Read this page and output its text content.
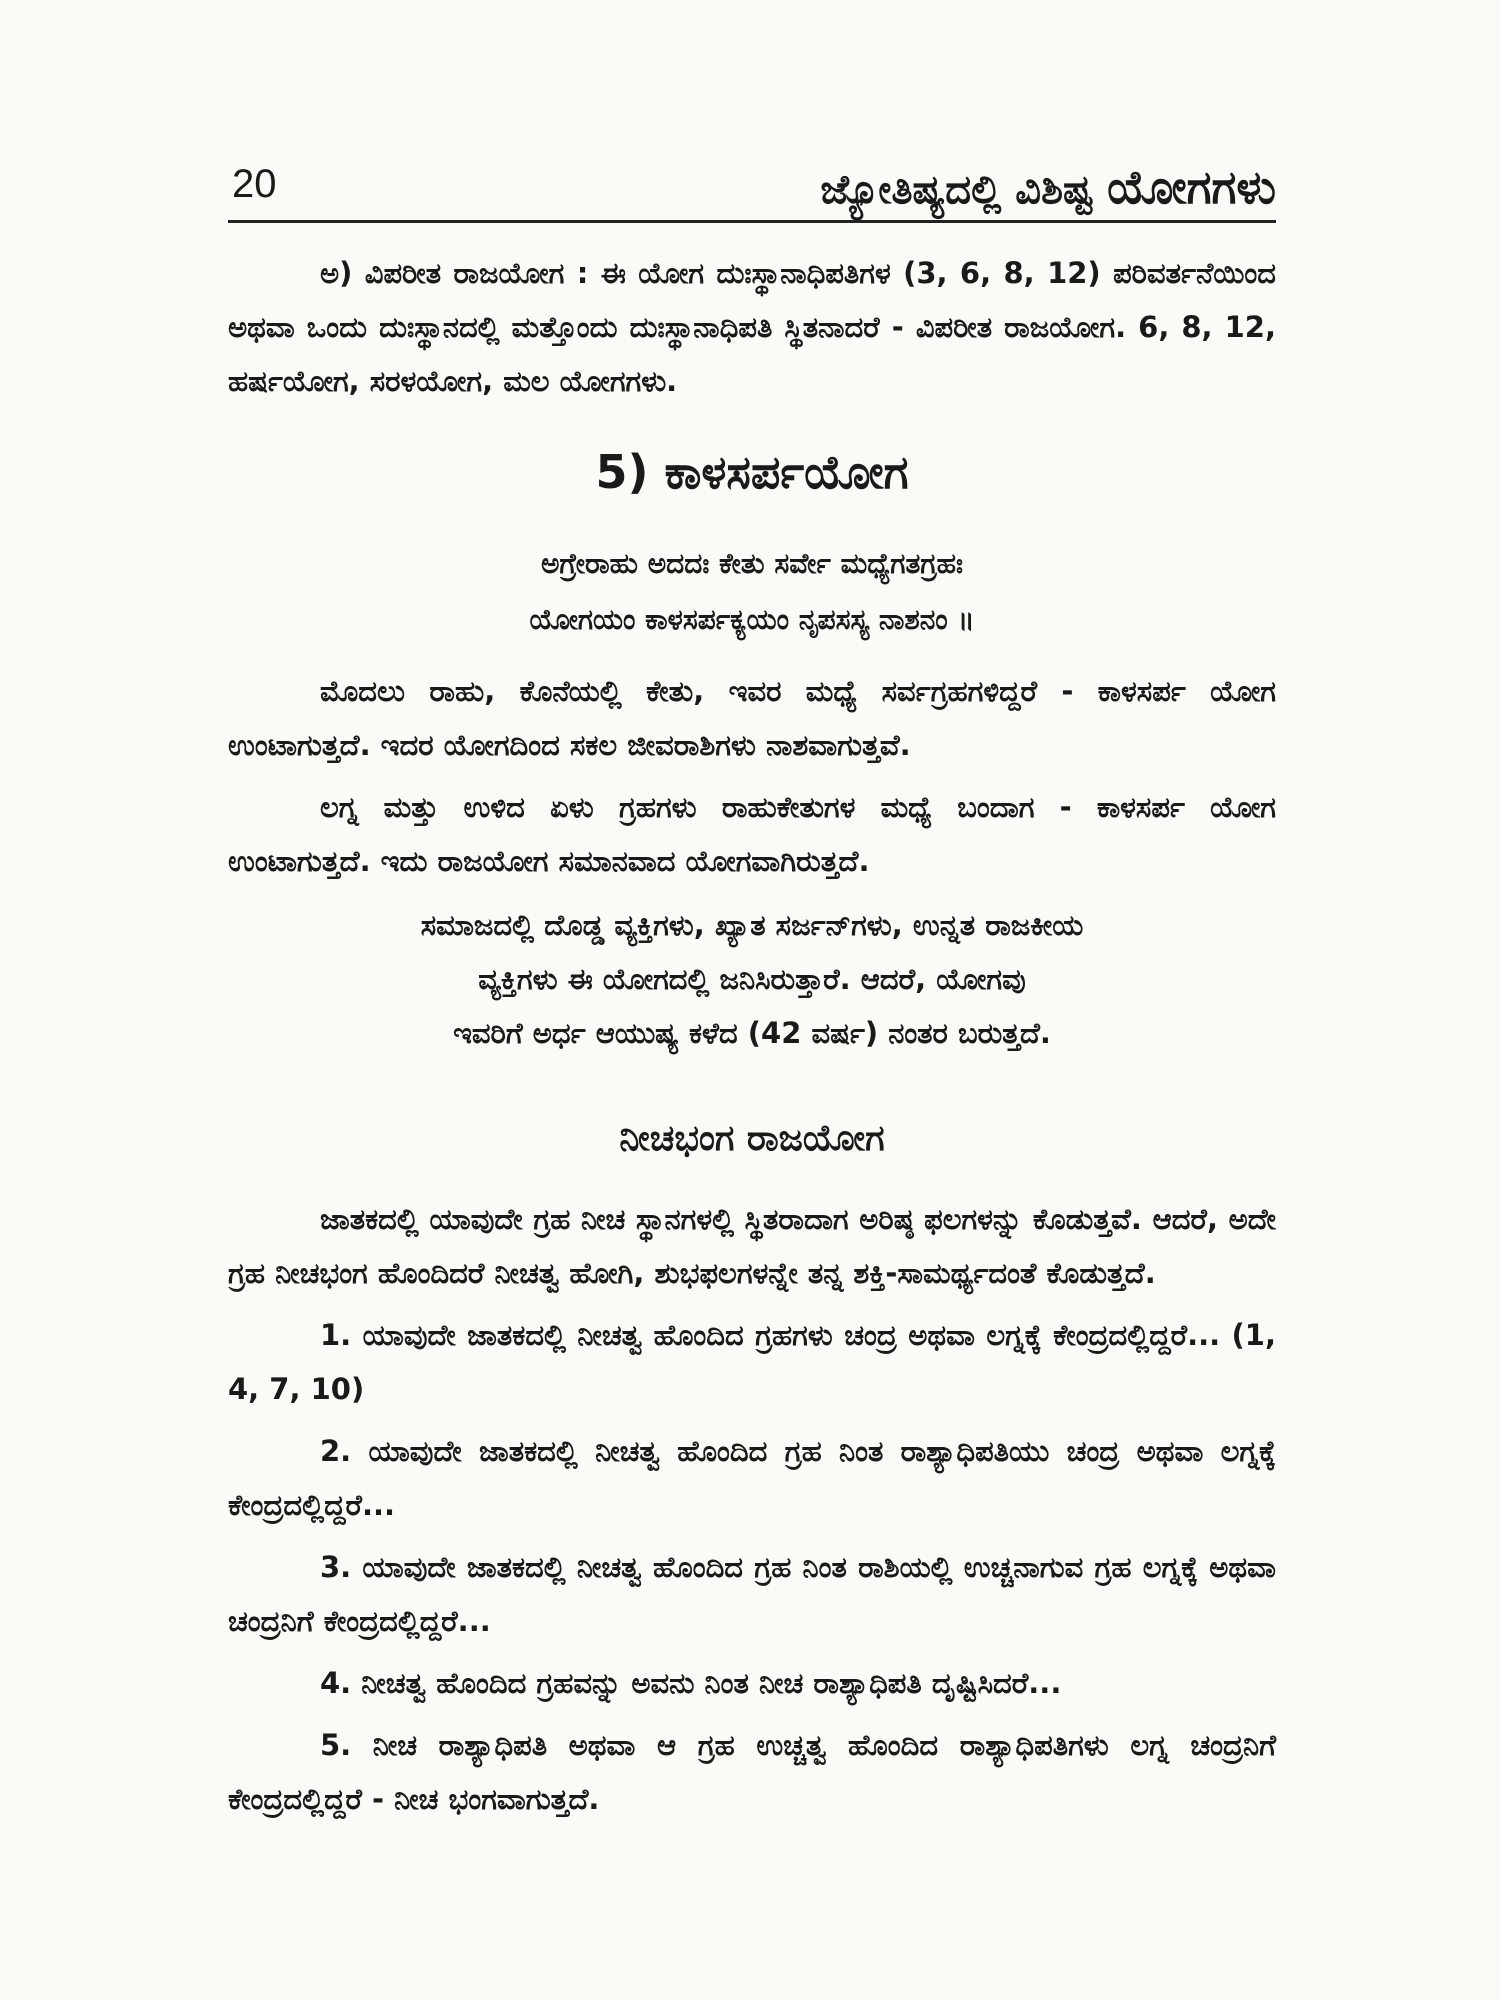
20	ಜ್ಯೋತಿಷ್ಯದಲ್ಲಿ ವಿಶಿಷ್ಟ ಯೋಗಗಳು

ಅ) ವಿಪರೀತ ರಾಜಯೋಗ : ಈ ಯೋಗ ದುಃಸ್ಥಾನಾಧಿಪತಿಗಳ (3, 6, 8, 12) ಪರಿವರ್ತನೆಯಿಂದ ಅಥವಾ ಒಂದು ದುಃಸ್ಥಾನದಲ್ಲಿ ಮತ್ತೊಂದು ದುಃಸ್ಥಾನಾಧಿಪತಿ ಸ್ಥಿತನಾದರೆ - ವಿಪರೀತ ರಾಜಯೋಗ. 6, 8, 12, ಹರ್ಷಯೋಗ, ಸರಳಯೋಗ, ಮಲ ಯೋಗಗಳು.

5) ಕಾಳಸರ್ಪಯೋಗ

ಅಗ್ರೇರಾಹು ಅದದಃ ಕೇತು ಸರ್ವೇ ಮಧ್ಯೆಗತಗ್ರಹಃ

ಯೋಗಯಂ ಕಾಳಸರ್ಪಕ್ಯಯಂ ನೃಪಸಸ್ಯ ನಾಶನಂ ॥

ಮೊದಲು ರಾಹು, ಕೊನೆಯಲ್ಲಿ ಕೇತು, ಇವರ ಮಧ್ಯೆ ಸರ್ವಗ್ರಹಗಳಿದ್ದರೆ - ಕಾಳಸರ್ಪ ಯೋಗ ಉಂಟಾಗುತ್ತದೆ. ಇದರ ಯೋಗದಿಂದ ಸಕಲ ಜೀವರಾಶಿಗಳು ನಾಶವಾಗುತ್ತವೆ.

ಲಗ್ನ ಮತ್ತು ಉಳಿದ ಏಳು ಗ್ರಹಗಳು ರಾಹುಕೇತುಗಳ ಮಧ್ಯೆ ಬಂದಾಗ - ಕಾಳಸರ್ಪ ಯೋಗ ಉಂಟಾಗುತ್ತದೆ. ಇದು ರಾಜಯೋಗ ಸಮಾನವಾದ ಯೋಗವಾಗಿರುತ್ತದೆ.

ಸಮಾಜದಲ್ಲಿ ದೊಡ್ಡ ವ್ಯಕ್ತಿಗಳು, ಖ್ಯಾತ ಸರ್ಜನ್‌ಗಳು, ಉನ್ನತ ರಾಜಕೀಯ

ವ್ಯಕ್ತಿಗಳು ಈ ಯೋಗದಲ್ಲಿ ಜನಿಸಿರುತ್ತಾರೆ. ಆದರೆ, ಯೋಗವು

ಇವರಿಗೆ ಅರ್ಧ ಆಯುಷ್ಯ ಕಳೆದ (42 ವರ್ಷ) ನಂತರ ಬರುತ್ತದೆ.

ನೀಚಭಂಗ ರಾಜಯೋಗ

ಜಾತಕದಲ್ಲಿ ಯಾವುದೇ ಗ್ರಹ ನೀಚ ಸ್ಥಾನಗಳಲ್ಲಿ ಸ್ಥಿತರಾದಾಗ ಅರಿಷ್ಠ ಫಲಗಳನ್ನು ಕೊಡುತ್ತವೆ. ಆದರೆ, ಅದೇ ಗ್ರಹ ನೀಚಭಂಗ ಹೊಂದಿದರೆ ನೀಚತ್ವ ಹೋಗಿ, ಶುಭಫಲಗಳನ್ನೇ ತನ್ನ ಶಕ್ತಿ-ಸಾಮರ್ಥ್ಯದಂತೆ ಕೊಡುತ್ತದೆ.

1. ಯಾವುದೇ ಜಾತಕದಲ್ಲಿ ನೀಚತ್ವ ಹೊಂದಿದ ಗ್ರಹಗಳು ಚಂದ್ರ ಅಥವಾ ಲಗ್ನಕ್ಕೆ ಕೇಂದ್ರದಲ್ಲಿದ್ದರೆ... (1, 4, 7, 10)

2. ಯಾವುದೇ ಜಾತಕದಲ್ಲಿ ನೀಚತ್ವ ಹೊಂದಿದ ಗ್ರಹ ನಿಂತ ರಾಶ್ಯಾಧಿಪತಿಯು ಚಂದ್ರ ಅಥವಾ ಲಗ್ನಕ್ಕೆ ಕೇಂದ್ರದಲ್ಲಿದ್ದರೆ...

3. ಯಾವುದೇ ಜಾತಕದಲ್ಲಿ ನೀಚತ್ವ ಹೊಂದಿದ ಗ್ರಹ ನಿಂತ ರಾಶಿಯಲ್ಲಿ ಉಚ್ಚನಾಗುವ ಗ್ರಹ ಲಗ್ನಕ್ಕೆ ಅಥವಾ ಚಂದ್ರನಿಗೆ ಕೇಂದ್ರದಲ್ಲಿದ್ದರೆ...

4. ನೀಚತ್ವ ಹೊಂದಿದ ಗ್ರಹವನ್ನು ಅವನು ನಿಂತ ನೀಚ ರಾಶ್ಯಾಧಿಪತಿ ದೃಷ್ಟಿಸಿದರೆ...

5. ನೀಚ ರಾಶ್ಯಾಧಿಪತಿ ಅಥವಾ ಆ ಗ್ರಹ ಉಚ್ಚತ್ವ ಹೊಂದಿದ ರಾಶ್ಯಾಧಿಪತಿಗಳು ಲಗ್ನ ಚಂದ್ರನಿಗೆ ಕೇಂದ್ರದಲ್ಲಿದ್ದರೆ - ನೀಚ ಭಂಗವಾಗುತ್ತದೆ.
